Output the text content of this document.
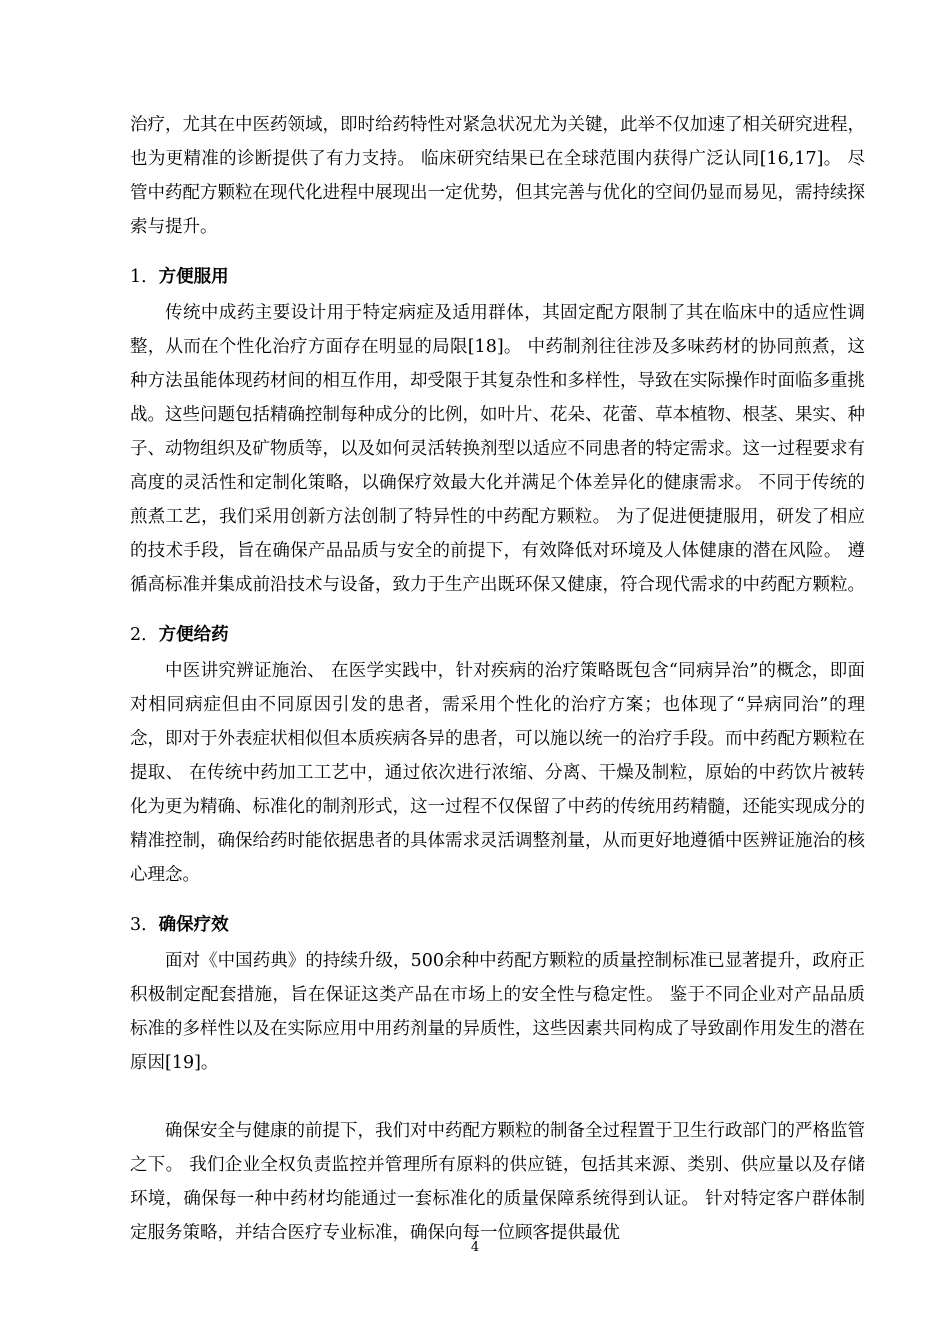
治疗，尤其在中医药领域，即时给药特性对紧急状况尤为关键，此举不仅加速了相关研究进程，也为更精准的诊断提供了有力支持。 临床研究结果已在全球范围内获得广泛认同[16,17]。 尽管中药配方颗粒在现代化进程中展现出一定优势，但其完善与优化的空间仍显而易见，需持续探索与提升。

1．方便服用

传统中成药主要设计用于特定病症及适用群体，其固定配方限制了其在临床中的适应性调整，从而在个性化治疗方面存在明显的局限[18]。 中药制剂往往涉及多味药材的协同煎煮，这种方法虽能体现药材间的相互作用，却受限于其复杂性和多样性，导致在实际操作时面临多重挑战。这些问题包括精确控制每种成分的比例，如叶片、花朵、花蕾、草本植物、根茎、果实、种子、动物组织及矿物质等，以及如何灵活转换剂型以适应不同患者的特定需求。这一过程要求有高度的灵活性和定制化策略，以确保疗效最大化并满足个体差异化的健康需求。 不同于传统的煎煮工艺，我们采用创新方法创制了特异性的中药配方颗粒。 为了促进便捷服用，研发了相应的技术手段，旨在确保产品品质与安全的前提下，有效降低对环境及人体健康的潜在风险。 遵循高标准并集成前沿技术与设备，致力于生产出既环保又健康，符合现代需求的中药配方颗粒。

2．方便给药

中医讲究辨证施治、 在医学实践中，针对疾病的治疗策略既包含“同病异治”的概念，即面对相同病症但由不同原因引发的患者，需采用个性化的治疗方案；也体现了“异病同治”的理念，即对于外表症状相似但本质疾病各异的患者，可以施以统一的治疗手段。而中药配方颗粒在提取、 在传统中药加工工艺中，通过依次进行浓缩、分离、干燥及制粒，原始的中药饮片被转化为更为精确、标准化的制剂形式，这一过程不仅保留了中药的传统用药精髓，还能实现成分的精准控制，确保给药时能依据患者的具体需求灵活调整剂量，从而更好地遵循中医辨证施治的核心理念。

3．确保疗效

面对《中国药典》的持续升级，500余种中药配方颗粒的质量控制标准已显著提升，政府正积极制定配套措施，旨在保证这类产品在市场上的安全性与稳定性。 鉴于不同企业对产品品质标准的多样性以及在实际应用中用药剂量的异质性，这些因素共同构成了导致副作用发生的潜在原因[19]。

确保安全与健康的前提下，我们对中药配方颗粒的制备全过程置于卫生行政部门的严格监管之下。 我们企业全权负责监控并管理所有原料的供应链，包括其来源、类别、供应量以及存储环境，确保每一种中药材均能通过一套标准化的质量保障系统得到认证。 针对特定客户群体制定服务策略，并结合医疗专业标准，确保向每一位顾客提供最优

4
